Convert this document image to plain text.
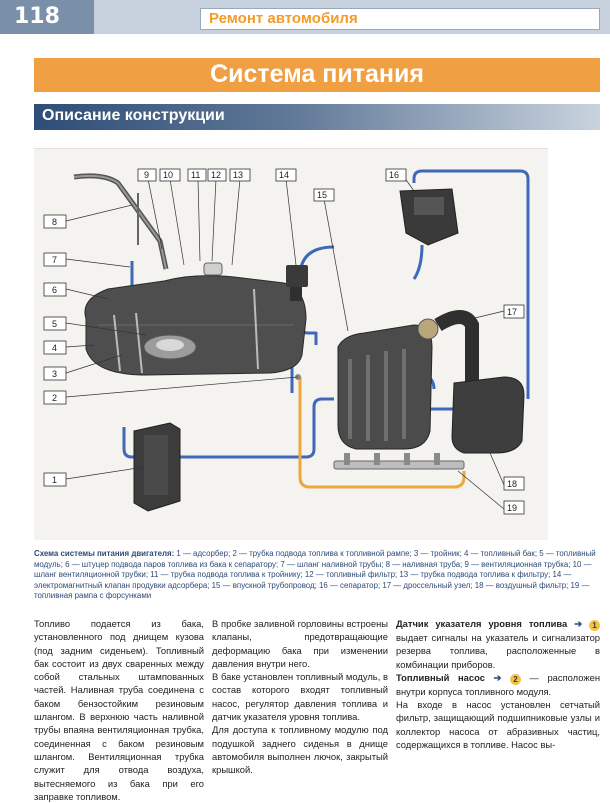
118	Ремонт автомобиля
Система питания
Описание конструкции
1
2
3
4
5
6
7
8
9 10 11 12 13	14
15
16
17
18
19
Схема системы питания двигателя: 1 — адсорбер; 2 — трубка подвода топлива к топливной рампе; 3 — тройник; 4 — топливный бак; 5 — топливный модуль; 6 — штуцер подвода паров топлива из бака к сепаратору; 7 — шланг наливной трубы; 8 — наливная труба; 9 — вентиляционная трубка; 10 — шланг вентиляционной трубки; 11 — трубка подвода топлива к тройнику; 12 — топливный фильтр; 13 — трубка подвода топлива к фильтру; 14 — электромагнитный клапан продувки адсорбера; 15 — впускной трубопровод; 16 — сепаратор; 17 — дроссельный узел; 18 — воздушный фильтр; 19 — топливная рампа с форсунками

Топливо подается из бака, установленного под днищем кузова (под задним сиденьем). Топливный бак состоит из двух сваренных между собой стальных штампованных частей. Наливная труба соединена с баком бензостойким резиновым шлангом. В верхнюю часть наливной трубы впаяна вентиляционная трубка, соединенная с баком резиновым шлангом. Вентиляционная трубка служит для отвода воздуха, вытесняемого из бака при его заправке топливом.

В пробке заливной горловины встроены клапаны, предотвращающие деформацию бака при изменении давления внутри него.

В баке установлен топливный модуль, в состав которого входят топливный насос, регулятор давления топлива и датчик указателя уровня топлива.

Для доступа к топливному модулю под подушкой заднего сиденья в днище автомобиля выполнен лючок, закрытый крышкой.

Датчик указателя уровня топлива ➔ 1 выдает сигналы на указатель и сигнализатор резерва топлива, расположенные в комбинации приборов.

Топливный насос ➔ 2 — расположен внутри корпуса топливного модуля.

На входе в насос установлен сетчатый фильтр, защищающий подшипниковые узлы и коллектор насоса от абразивных частиц, содержащихся в топливе. Насос вы-
